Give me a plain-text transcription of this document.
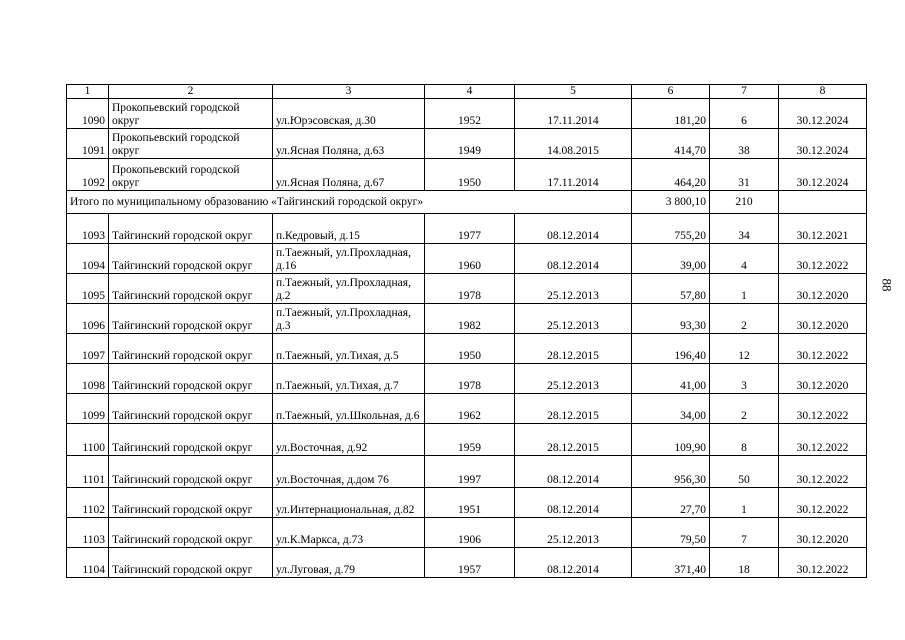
1	2	3	4	5	6	7	8
1090	Прокопьевский городской округ	ул.Юрэсовская, д.30	1952	17.11.2014	181,20	6	30.12.2024
1091	Прокопьевский городской округ	ул.Ясная Поляна, д.63	1949	14.08.2015	414,70	38	30.12.2024
1092	Прокопьевский городской округ	ул.Ясная Поляна, д.67	1950	17.11.2014	464,20	31	30.12.2024
Итого по муниципальному образованию «Тайгинский городской округ»					3 800,10	210	
1093	Тайгинский городской округ	п.Кедровый, д.15	1977	08.12.2014	755,20	34	30.12.2021
1094	Тайгинский городской округ	п.Таежный, ул.Прохладная, д.16	1960	08.12.2014	39,00	4	30.12.2022
1095	Тайгинский городской округ	п.Таежный, ул.Прохладная, д.2	1978	25.12.2013	57,80	1	30.12.2020
1096	Тайгинский городской округ	п.Таежный, ул.Прохладная, д.3	1982	25.12.2013	93,30	2	30.12.2020
1097	Тайгинский городской округ	п.Таежный, ул.Тихая, д.5	1950	28.12.2015	196,40	12	30.12.2022
1098	Тайгинский городской округ	п.Таежный, ул.Тихая, д.7	1978	25.12.2013	41,00	3	30.12.2020
1099	Тайгинский городской округ	п.Таежный, ул.Школьная, д.6	1962	28.12.2015	34,00	2	30.12.2022
1100	Тайгинский городской округ	ул.Восточная, д.92	1959	28.12.2015	109,90	8	30.12.2022
1101	Тайгинский городской округ	ул.Восточная, д.дом 76	1997	08.12.2014	956,30	50	30.12.2022
1102	Тайгинский городской округ	ул.Интернациональная, д.82	1951	08.12.2014	27,70	1	30.12.2022
1103	Тайгинский городской округ	ул.К.Маркса, д.73	1906	25.12.2013	79,50	7	30.12.2020
1104	Тайгинский городской округ	ул.Луговая, д.79	1957	08.12.2014	371,40	18	30.12.2022
88
